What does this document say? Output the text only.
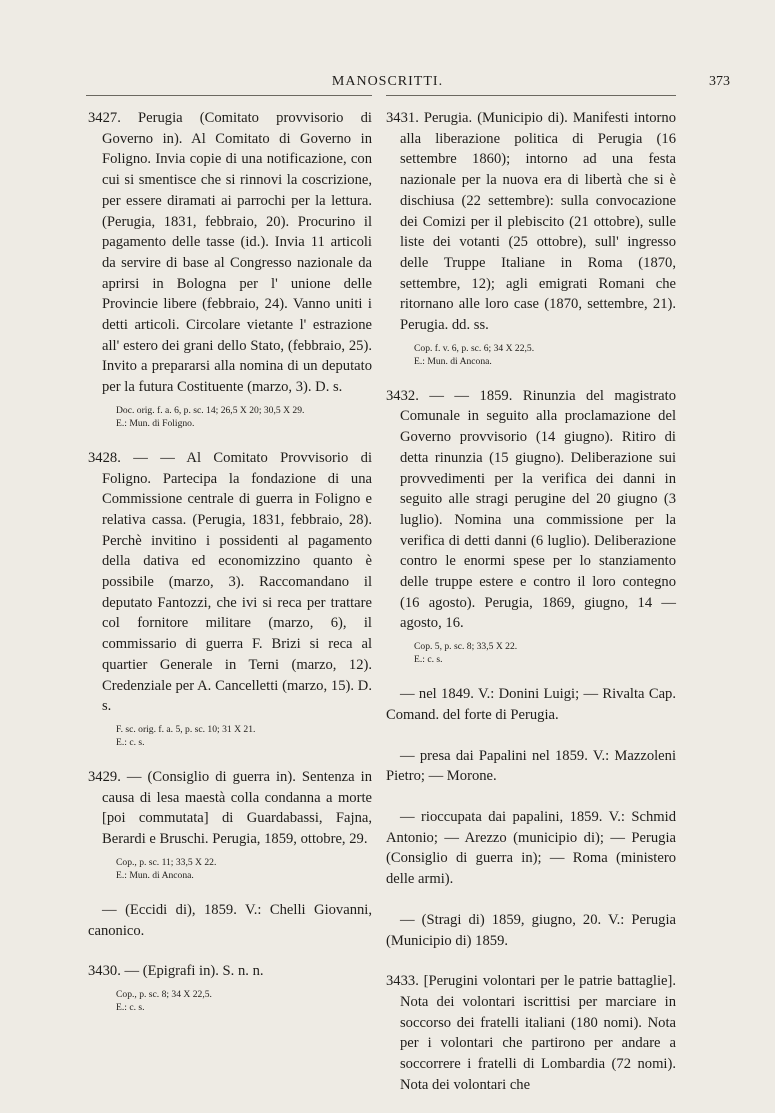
MANOSCRITTI.	373

3427. Perugia (Comitato provvisorio di Governo in). Al Comitato di Governo in Foligno. Invia copie di una notificazione, con cui si smentisce che si rinnovi la coscrizione, per essere diramati ai parrochi per la lettura. (Perugia, 1831, febbraio, 20). Procurino il pagamento delle tasse (id.). Invia 11 articoli da servire di base al Congresso nazionale da aprirsi in Bologna per l' unione delle Provincie libere (febbraio, 24). Vanno uniti i detti articoli. Circolare vietante l' estrazione all' estero dei grani dello Stato, (febbraio, 25). Invito a prepararsi alla nomina di un deputato per la futura Costituente (marzo, 3). D. s.

Doc. orig. f. a. 6, p. sc. 14; 26,5 X 20; 30,5 X 29.
E.: Mun. di Foligno.

3428. — — Al Comitato Provvisorio di Foligno. Partecipa la fondazione di una Commissione centrale di guerra in Foligno e relativa cassa. (Perugia, 1831, febbraio, 28). Perchè invitino i possidenti al pagamento della dativa ed economizzino quanto è possibile (marzo, 3). Raccomandano il deputato Fantozzi, che ivi si reca per trattare col fornitore militare (marzo, 6), il commissario di guerra F. Brizi si reca al quartier Generale in Terni (marzo, 12). Credenziale per A. Cancelletti (marzo, 15). D. s.

F. sc. orig. f. a. 5, p. sc. 10; 31 X 21.
E.: c. s.

3429. — (Consiglio di guerra in). Sentenza in causa di lesa maestà colla condanna a morte [poi commutata] di Guardabassi, Fajna, Berardi e Bruschi. Perugia, 1859, ottobre, 29.

Cop., p. sc. 11; 33,5 X 22.
E.: Mun. di Ancona.

— (Eccidi di), 1859. V.: Chelli Giovanni, canonico.

3430. — (Epigrafi in). S. n. n.

Cop., p. sc. 8; 34 X 22,5.
E.: c. s.

3431. Perugia. (Municipio di). Manifesti intorno alla liberazione politica di Perugia (16 settembre 1860); intorno ad una festa nazionale per la nuova era di libertà che si è dischiusa (22 settembre): sulla convocazione dei Comizi per il plebiscito (21 ottobre), sulle liste dei votanti (25 ottobre), sull' ingresso delle Truppe Italiane in Roma (1870, settembre, 12); agli emigrati Romani che ritornano alle loro case (1870, settembre, 21). Perugia. dd. ss.

Cop. f. v. 6, p. sc. 6; 34 X 22,5.
E.: Mun. di Ancona.

3432. — — 1859. Rinunzia del magistrato Comunale in seguito alla proclamazione del Governo provvisorio (14 giugno). Ritiro di detta rinunzia (15 giugno). Deliberazione sui provvedimenti per la verifica dei danni in seguito alle stragi perugine del 20 giugno (3 luglio). Nomina una commissione per la verifica di detti danni (6 luglio). Deliberazione contro le enormi spese per lo stanziamento delle truppe estere e contro il loro contegno (16 agosto). Perugia, 1869, giugno, 14 — agosto, 16.

Cop. 5, p. sc. 8; 33,5 X 22.
E.: c. s.

— nel 1849. V.: Donini Luigi; — Rivalta Cap. Comand. del forte di Perugia.

— presa dai Papalini nel 1859. V.: Mazzoleni Pietro; — Morone.

— rioccupata dai papalini, 1859. V.: Schmid Antonio; — Arezzo (municipio di); — Perugia (Consiglio di guerra in); — Roma (ministero delle armi).

— (Stragi di) 1859, giugno, 20. V.: Perugia (Municipio di) 1859.

3433. [Perugini volontari per le patrie battaglie]. Nota dei volontari iscrittisi per marciare in soccorso dei fratelli italiani (180 nomi). Nota per i volontari che partirono per andare a soccorrere i fratelli di Lombardia (72 nomi). Nota dei volontari che
